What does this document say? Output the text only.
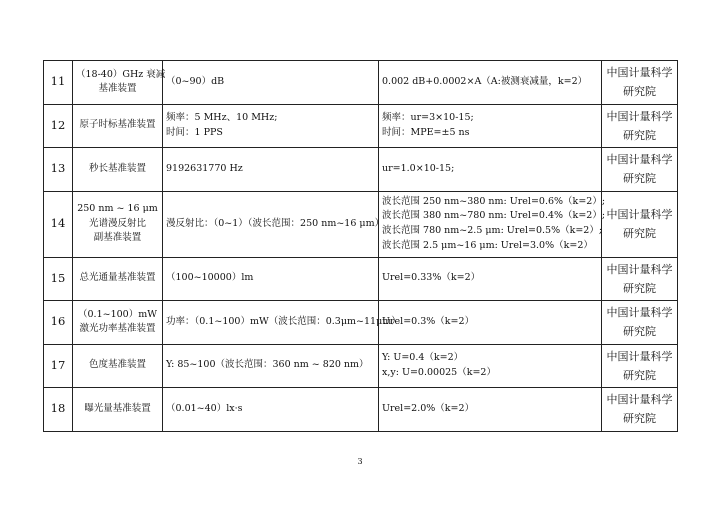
11	（18-40）GHz 衰减
基准装置	（0~90）dB	0.002 dB+0.0002×A（A:被测衰减量，k=2）	中国计量科学
研究院

12	原子时标基准装置	频率：5 MHz、10 MHz;
时间：1 PPS	频率：ur=3×10-15;
时间：MPE=±5 ns	中国计量科学
研究院

13	秒长基准装置	9192631770 Hz	ur=1.0×10-15;	中国计量科学
研究院

14	250 nm ~ 16 μm
光谱漫反射比
副基准装置	漫反射比：（0~1）（波长范围：250 nm~16 μm）	波长范围 250 nm~380 nm: Urel=0.6%（k=2）;
波长范围 380 nm~780 nm: Urel=0.4%（k=2）;
波长范围 780 nm~2.5 μm: Urel=0.5%（k=2）;
波长范围 2.5 μm~16 μm: Urel=3.0%（k=2）	中国计量科学
研究院

15	总光通量基准装置	（100~10000）lm	Urel=0.33%（k=2）	中国计量科学
研究院

16	（0.1~100）mW
激光功率基准装置	功率：（0.1~100）mW（波长范围：0.3μm~11μm）	Urel=0.3%（k=2）	中国计量科学
研究院

17	色度基准装置	Y: 85~100（波长范围：360 nm ~ 820 nm）	Y: U=0.4（k=2）
x,y: U=0.00025（k=2）	中国计量科学
研究院

18	曝光量基准装置	（0.01~40）lx·s	Urel=2.0%（k=2）	中国计量科学
研究院
3
